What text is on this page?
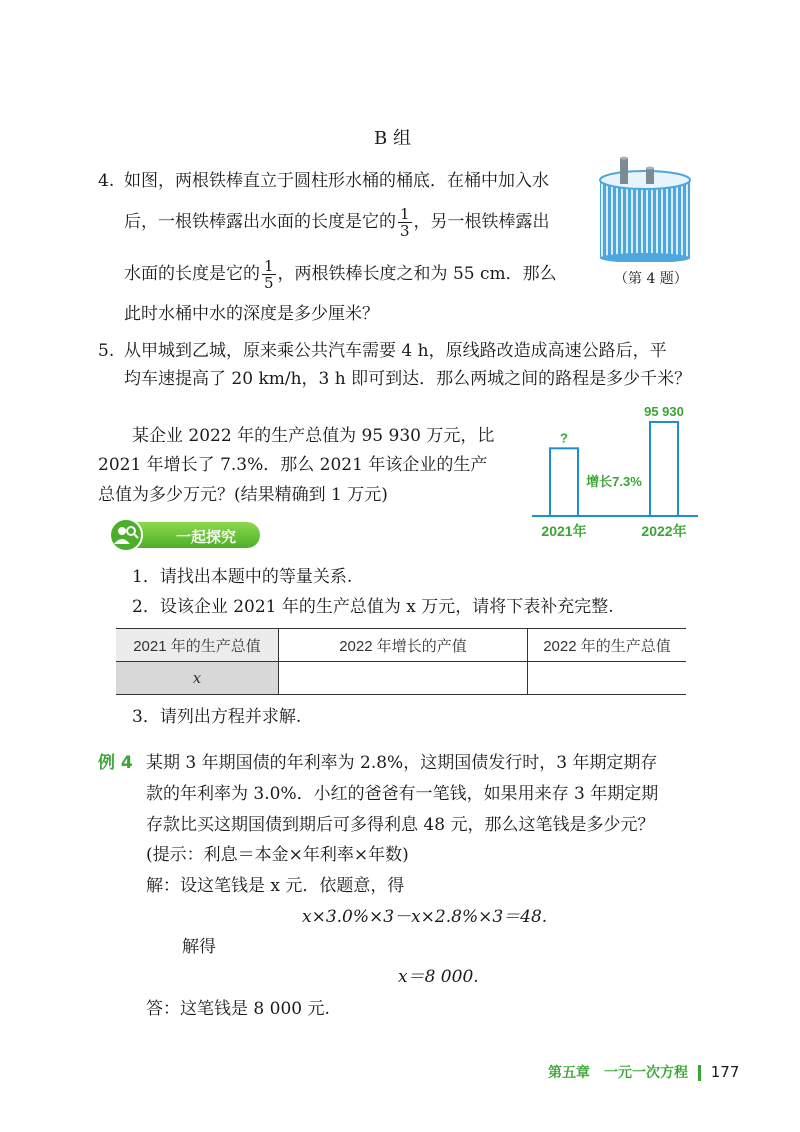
B 组
4. 如图，两根铁棒直立于圆柱形水桶的桶底．在桶中加入水
后，一根铁棒露出水面的长度是它的 $\frac{1}{3}$ ，另一根铁棒露出
水面的长度是它的 $\frac{1}{5}$ ，两根铁棒长度之和为 55 cm．那么
此时水桶中水的深度是多少厘米？
（第 4 题）
5. 从甲城到乙城，原来乘公共汽车需要 4 h，原线路改造成高速公路后，平
均车速提高了 20 km/h，3 h 即可到达．那么两城之间的路程是多少千米？
某企业 2022 年的生产总值为 95 930 万元，比
2021 年增长了 7.3%．那么 2021 年该企业的生产
总值为多少万元？(结果精确到 1 万元)
?
2021年
95 930
2022年
增长7.3%
一起探究
1．请找出本题中的等量关系.
2．设该企业 2021 年的生产总值为 x 万元，请将下表补充完整.
2021 年的生产总值	2022 年增长的产值	2022 年的生产总值
x		
3．请列出方程并求解.
例 4 某期 3 年期国债的年利率为 2.8%，这期国债发行时，3 年期定期存
款的年利率为 3.0%．小红的爸爸有一笔钱，如果用来存 3 年期定期
存款比买这期国债到期后可多得利息 48 元，那么这笔钱是多少元？
(提示：利息＝本金×年利率×年数)
解：设这笔钱是 x 元．依题意，得
x×3.0%×3－x×2.8%×3＝48.
解得
x＝8 000.
答：这笔钱是 8 000 元.
第五章　一元一次方程 177
